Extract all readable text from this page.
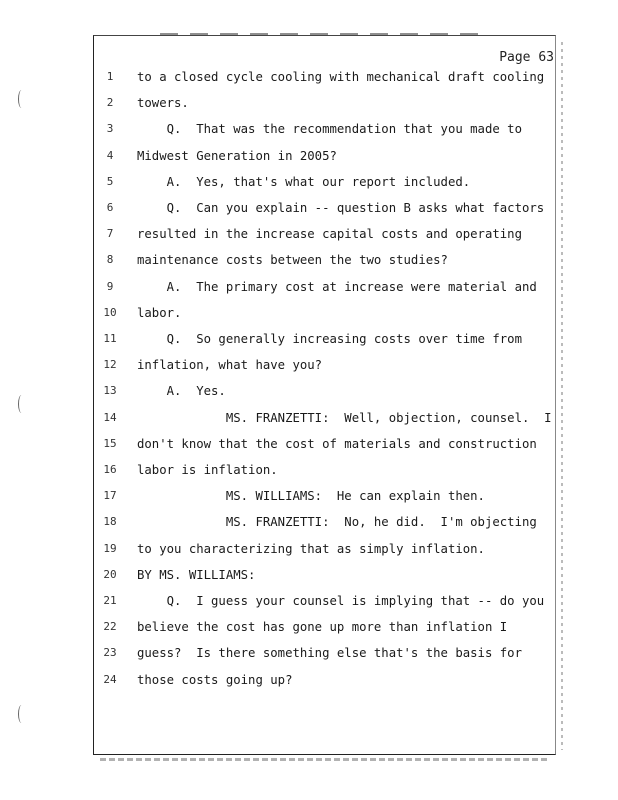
Page 63
1	to a closed cycle cooling with mechanical draft cooling
2	towers.
3	Q.  That was the recommendation that you made to
4	Midwest Generation in 2005?
5	A.  Yes, that's what our report included.
6	Q.  Can you explain -- question B asks what factors
7	resulted in the increase capital costs and operating
8	maintenance costs between the two studies?
9	A.  The primary cost at increase were material and
10	labor.
11	Q.  So generally increasing costs over time from
12	inflation, what have you?
13	A.  Yes.
14	MS. FRANZETTI:  Well, objection, counsel.  I
15	don't know that the cost of materials and construction
16	labor is inflation.
17	MS. WILLIAMS:  He can explain then.
18	MS. FRANZETTI:  No, he did.  I'm objecting
19	to you characterizing that as simply inflation.
20	BY MS. WILLIAMS:
21	Q.  I guess your counsel is implying that -- do you
22	believe the cost has gone up more than inflation I
23	guess?  Is there something else that's the basis for
24	those costs going up?
